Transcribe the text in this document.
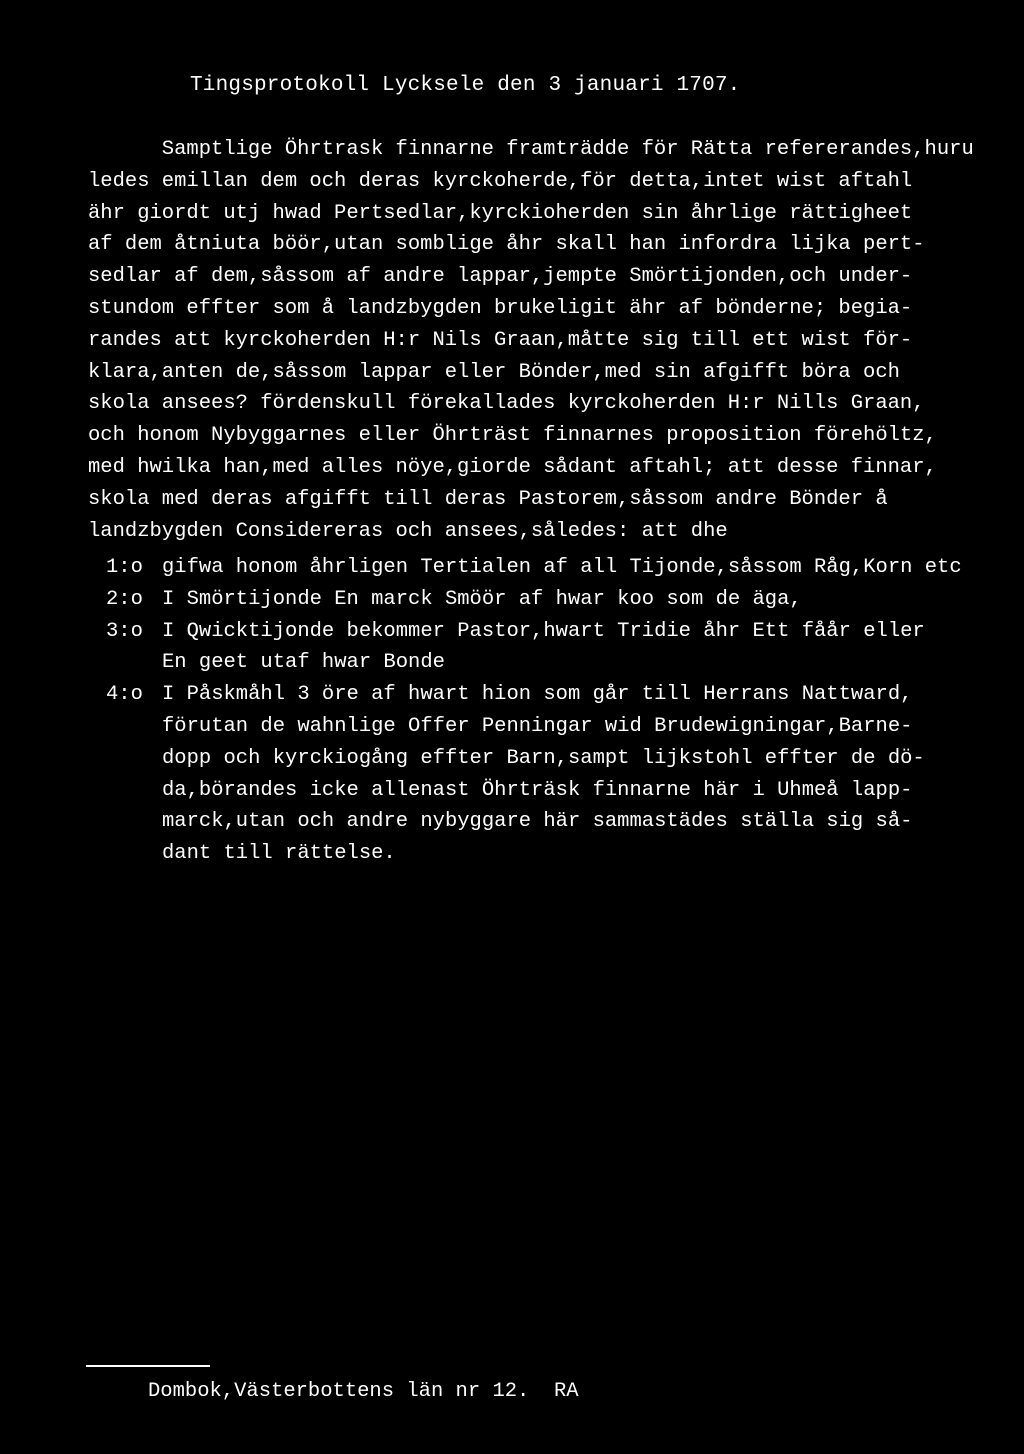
Tingsprotokoll Lycksele den 3 januari 1707.
Samptlige Öhrtrask finnarne framträdde för Rätta refererandes,huru
ledes emillan dem och deras kyrckoherde,för detta,intet wist aftahl
ähr giordt utj hwad Pertsedlar,kyrckioherden sin åhrlige rättigheet
af dem åtniuta böör,utan somblige åhr skall han infordra lijka pert-
sedlar af dem,såssom af andre lappar,jempte Smörtijonden,och under-
stundom effter som å landzbygden brukeligit ähr af bönderne; begia-
randes att kyrckoherden H:r Nils Graan,måtte sig till ett wist för-
klara,anten de,såssom lappar eller Bönder,med sin afgifft böra och
skola ansees? fördenskull förekallades kyrckoherden H:r Nills Graan,
och honom Nybyggarnes eller Öhrträst finnarnes proposition förehöltz,
med hwilka han,med alles nöye,giorde sådant aftahl; att desse finnar,
skola med deras afgifft till deras Pastorem,såssom andre Bönder å
landzbygden Considereras och ansees,således: att dhe
1:o gifwa honom åhrligen Tertialen af all Tijonde,såssom Råg,Korn etc
2:o I Smörtijonde En marck Smöör af hwar koo som de äga,
3:o I Qwicktijonde bekommer Pastor,hwart Tridie åhr Ett fåår eller
En geet utaf hwar Bonde
4:o I Påskmåhl 3 öre af hwart hion som går till Herrans Nattward,
förutan de wahnlige Offer Penningar wid Brudewigningar,Barne-
dopp och kyrckiogång effter Barn,sampt lijkstohl effter de dö-
da,börandes icke allenast Öhrträsk finnarne här i Uhmeå lapp-
marck,utan och andre nybyggare här sammastädes ställa sig så-
dant till rättelse.
Dombok,Västerbottens län nr 12.  RA
